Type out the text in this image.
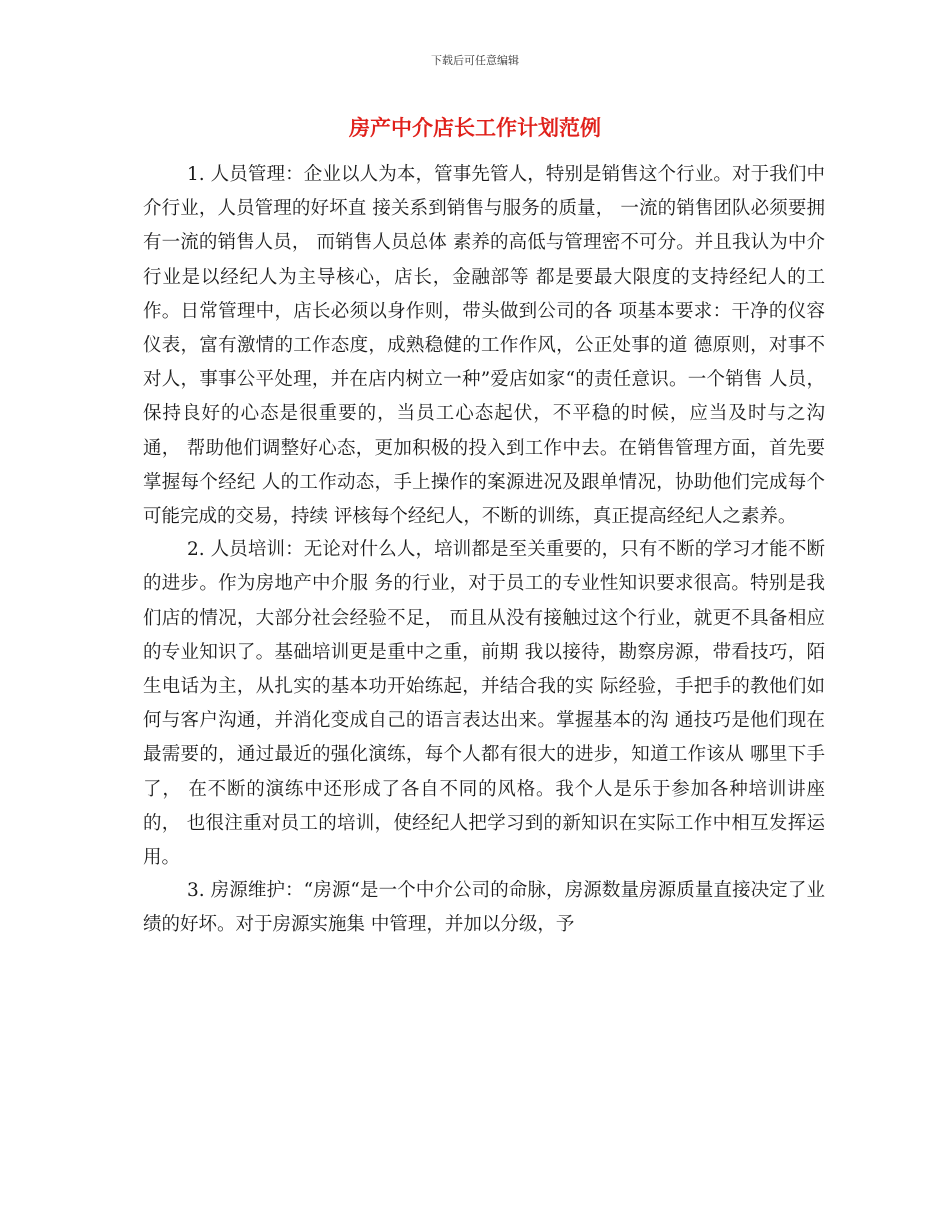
下载后可任意编辑
房产中介店长工作计划范例

1. 人员管理：企业以人为本，管事先管人，特别是销售这个行业。对于我们中介行业，人员管理的好坏直 接关系到销售与服务的质量， 一流的销售团队必须要拥有一流的销售人员， 而销售人员总体 素养的高低与管理密不可分。并且我认为中介行业是以经纪人为主导核心，店长，金融部等 都是要最大限度的支持经纪人的工作。日常管理中，店长必须以身作则，带头做到公司的各 项基本要求：干净的仪容仪表，富有激情的工作态度，成熟稳健的工作作风，公正处事的道 德原则，对事不对人，事事公平处理，并在店内树立一种”爱店如家“的责任意识。一个销售 人员，保持良好的心态是很重要的，当员工心态起伏，不平稳的时候，应当及时与之沟通， 帮助他们调整好心态，更加积极的投入到工作中去。在销售管理方面，首先要掌握每个经纪 人的工作动态，手上操作的案源进况及跟单情况，协助他们完成每个可能完成的交易，持续 评核每个经纪人，不断的训练，真正提高经纪人之素养。

2. 人员培训：无论对什么人，培训都是至关重要的，只有不断的学习才能不断的进步。作为房地产中介服 务的行业，对于员工的专业性知识要求很高。特别是我们店的情况，大部分社会经验不足， 而且从没有接触过这个行业，就更不具备相应的专业知识了。基础培训更是重中之重，前期 我以接待，勘察房源，带看技巧，陌生电话为主，从扎实的基本功开始练起，并结合我的实 际经验，手把手的教他们如何与客户沟通，并消化变成自己的语言表达出来。掌握基本的沟 通技巧是他们现在最需要的，通过最近的强化演练，每个人都有很大的进步，知道工作该从 哪里下手了， 在不断的演练中还形成了各自不同的风格。我个人是乐于参加各种培训讲座的， 也很注重对员工的培训，使经纪人把学习到的新知识在实际工作中相互发挥运用。

3. 房源维护：“房源“是一个中介公司的命脉，房源数量房源质量直接决定了业绩的好坏。对于房源实施集 中管理，并加以分级，予
